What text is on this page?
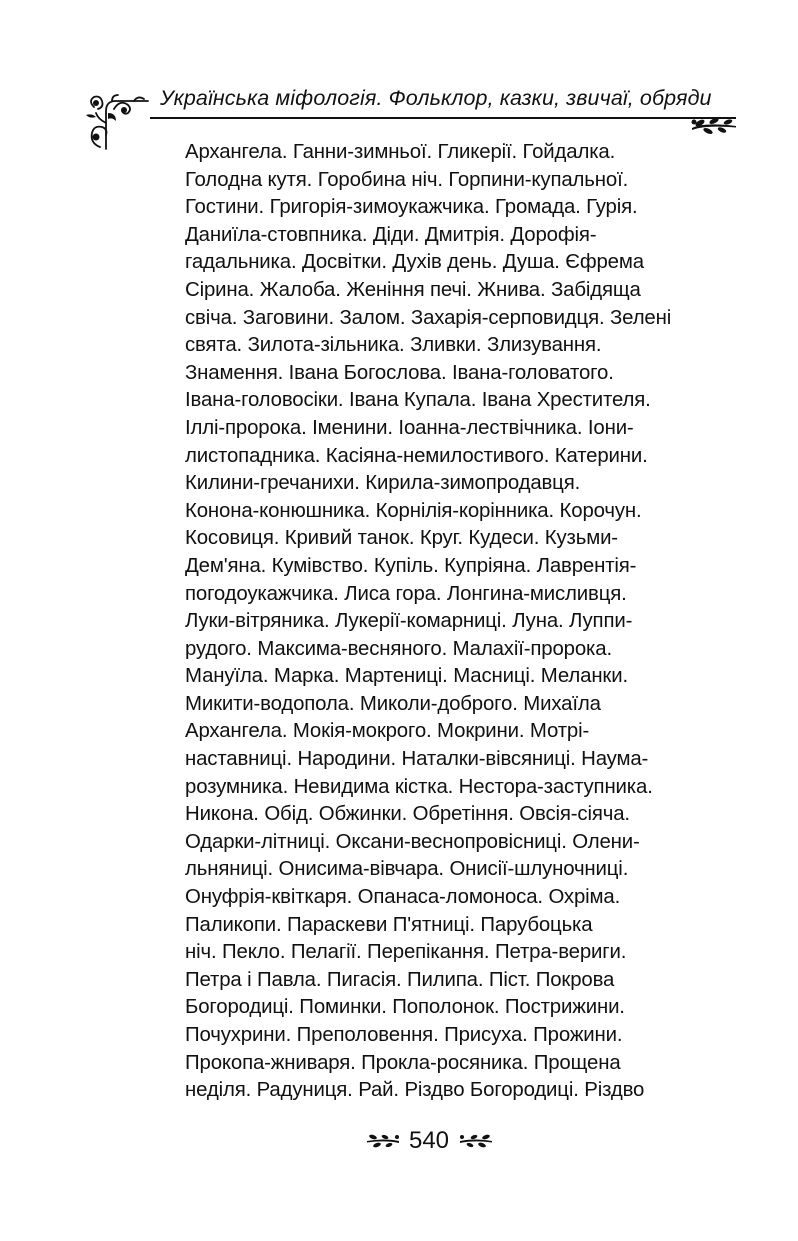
Українська міфологія. Фольклор, казки, звичаї, обряди
Архангела. Ганни-зимньої. Гликерії. Гойдалка.
Голодна кутя. Горобина ніч. Горпини-купальної.
Гостини. Григорія-зимоукажчика. Громада. Гурія.
Даниїла-стовпника. Діди. Дмитрія. Дорофія-
гадальника. Досвітки. Духів день. Душа. Єфрема
Сірина. Жалоба. Женіння печі. Жнива. Забідяща
свіча. Заговини. Залом. Захарія-серповидця. Зелені
свята. Зилота-зільника. Зливки. Злизування.
Знамення. Івана Богослова. Івана-головатого.
Івана-головосіки. Івана Купала. Івана Хрестителя.
Іллі-пророка. Іменини. Іоанна-лествічника. Іони-
листопадника. Касіяна-немилостивого. Катерини.
Килини-гречанихи. Кирила-зимопродавця.
Конона-конюшника. Корнілія-корінника. Корочун.
Косовиця. Кривий танок. Круг. Кудеси. Кузьми-
Дем'яна. Кумівство. Купіль. Купріяна. Лаврентія-
погодоукажчика. Лиса гора. Лонгина-мисливця.
Луки-вітряника. Лукерії-комарниці. Луна. Луппи-
рудого. Максима-весняного. Малахії-пророка.
Мануїла. Марка. Мартениці. Масниці. Меланки.
Микити-водопола. Миколи-доброго. Михаїла
Архангела. Мокія-мокрого. Мокрини. Мотрі-
наставниці. Народини. Наталки-вівсяниці. Наума-
розумника. Невидима кістка. Нестора-заступника.
Никона. Обід. Обжинки. Обретіння. Овсія-сіяча.
Одарки-літниці. Оксани-веснопровісниці. Олени-
льняниці. Онисима-вівчара. Онисії-шлуночниці.
Онуфрія-квіткаря. Опанаса-ломоноса. Охріма.
Паликопи. Параскеви П'ятниці. Парубоцька
ніч. Пекло. Пелагії. Перепікання. Петра-вериги.
Петра і Павла. Пигасія. Пилипа. Піст. Покрова
Богородиці. Поминки. Пополонок. Пострижини.
Почухрини. Преполовення. Присуха. Прожини.
Прокопа-жниваря. Прокла-росяника. Прощена
неділя. Радуниця. Рай. Різдво Богородиці. Різдво
540
